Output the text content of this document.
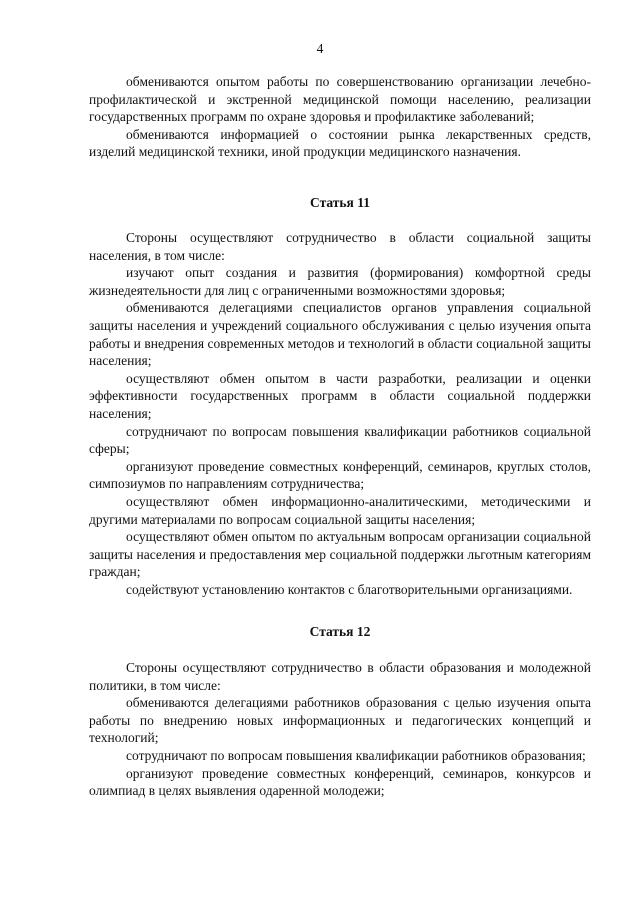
4

обмениваются опытом работы по совершенствованию организации лечебно-профилактической и экстренной медицинской помощи населению, реализации государственных программ по охране здоровья и профилактике заболеваний;

обмениваются информацией о состоянии рынка лекарственных средств, изделий медицинской техники, иной продукции медицинского назначения.

Статья 11

Стороны осуществляют сотрудничество в области социальной защиты населения, в том числе:

изучают опыт создания и развития (формирования) комфортной среды жизнедеятельности для лиц с ограниченными возможностями здоровья;

обмениваются делегациями специалистов органов управления социальной защиты населения и учреждений социального обслуживания с целью изучения опыта работы и внедрения современных методов и технологий в области социальной защиты населения;

осуществляют обмен опытом в части разработки, реализации и оценки эффективности государственных программ в области социальной поддержки населения;

сотрудничают по вопросам повышения квалификации работников социальной сферы;

организуют проведение совместных конференций, семинаров, круглых столов, симпозиумов по направлениям сотрудничества;

осуществляют обмен информационно-аналитическими, методическими и другими материалами по вопросам социальной защиты населения;

осуществляют обмен опытом по актуальным вопросам организации социальной защиты населения и предоставления мер социальной поддержки льготным категориям граждан;

содействуют установлению контактов с благотворительными организациями.

Статья 12

Стороны осуществляют сотрудничество в области образования и молодежной политики, в том числе:

обмениваются делегациями работников образования с целью изучения опыта работы по внедрению новых информационных и педагогических концепций и технологий;

сотрудничают по вопросам повышения квалификации работников образования;

организуют проведение совместных конференций, семинаров, конкурсов и олимпиад в целях выявления одаренной молодежи;
